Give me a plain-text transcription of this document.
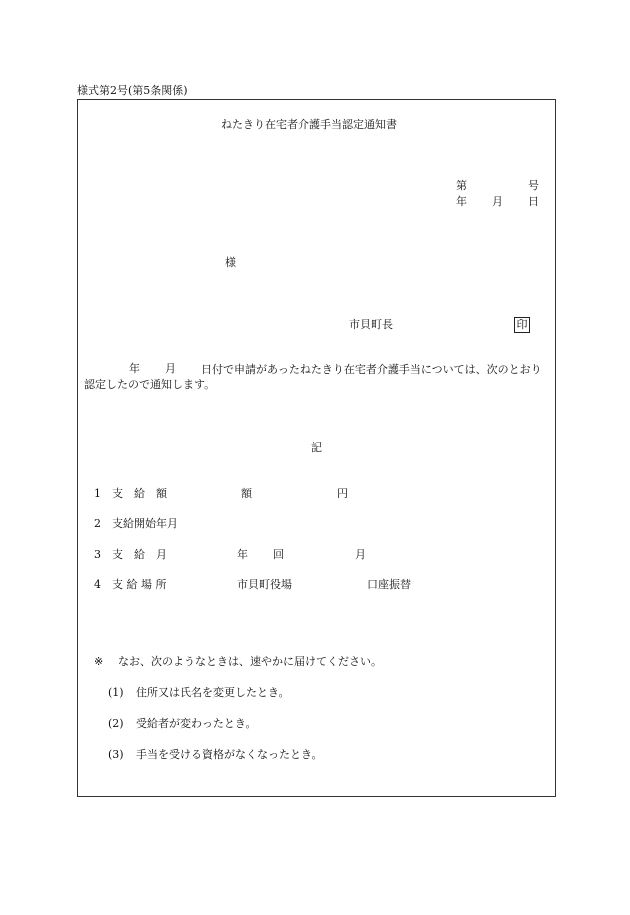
様式第2号(第5条関係)
ねたきり在宅者介護手当認定通知書
第	号
年 月 日
様
市貝町長	印
年 月	日付で申請があったねたきり在宅者介護手当については、次のとおり認定したので通知します。
記
1 支　給　額	額	円
2 支給開始年月
3 支　給　月	年 回	月
4 支 給 場 所	市貝町役場	口座振替
※ なお、次のようなときは、速やかに届けてください。
(1) 住所又は氏名を変更したとき。
(2) 受給者が変わったとき。
(3) 手当を受ける資格がなくなったとき。
